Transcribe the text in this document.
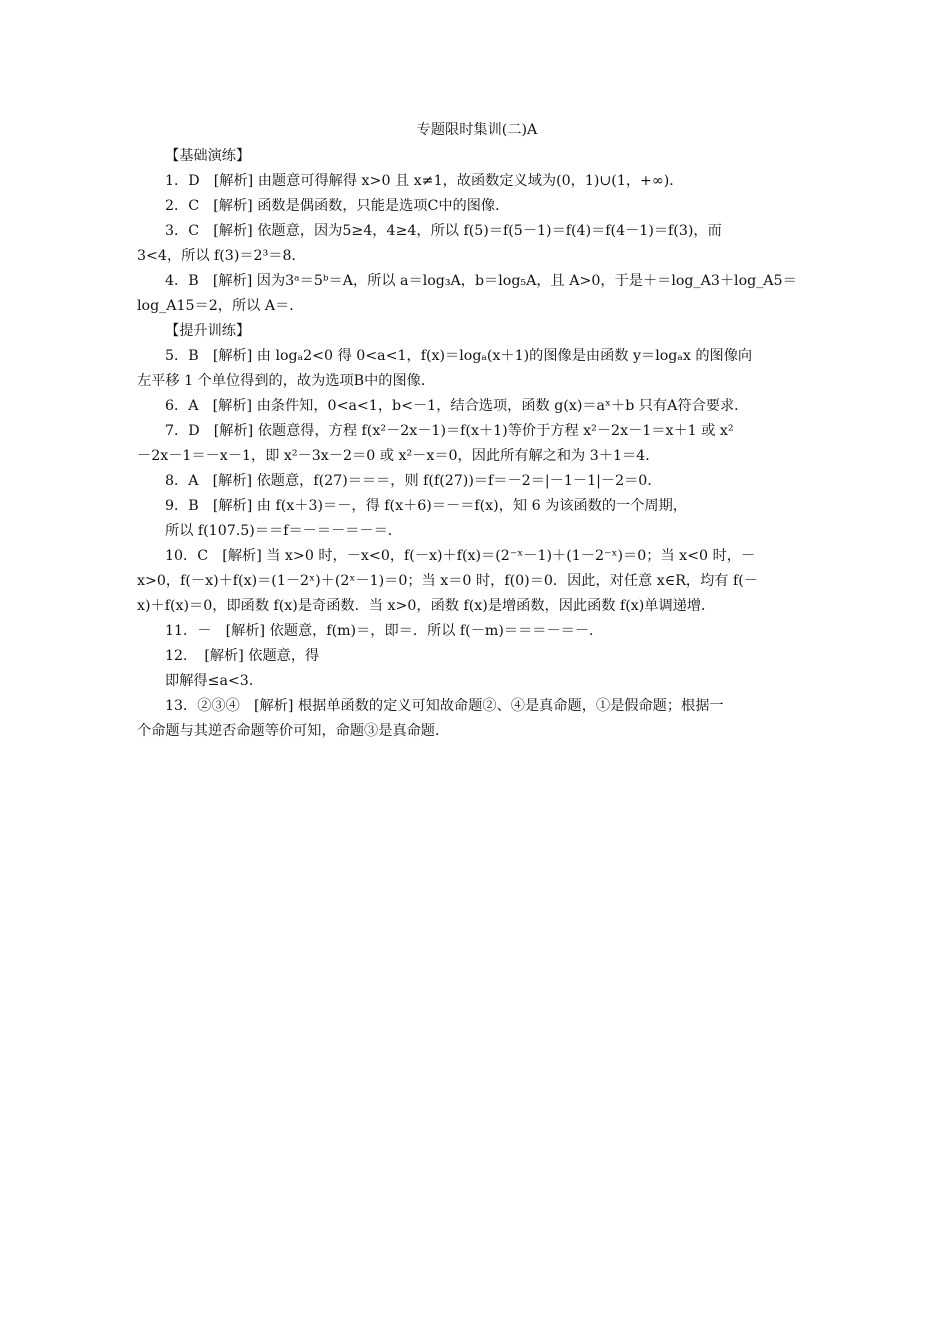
专题限时集训(二)A

【基础演练】

1．D　[解析] 由题意可得解得 x>0 且 x≠1，故函数定义域为(0，1)∪(1，+∞)．

2．C　[解析] 函数是偶函数，只能是选项C中的图像．

3．C　[解析] 依题意，因为5≥4，4≥4，所以 f(5)＝f(5－1)＝f(4)＝f(4－1)＝f(3)，而

3<4，所以 f(3)＝2³＝8．

4．B　[解析] 因为3ᵃ＝5ᵇ＝A，所以 a＝log₃A，b＝log₅A，且 A>0，于是＋＝log_A3＋log_A5＝

log_A15＝2，所以 A＝．

【提升训练】

5．B　[解析] 由 logₐ2<0 得 0<a<1，f(x)＝logₐ(x＋1)的图像是由函数 y＝logₐx 的图像向

左平移 1 个单位得到的，故为选项B中的图像．

6．A　[解析] 由条件知，0<a<1，b<－1，结合选项，函数 g(x)＝aˣ＋b 只有A符合要求．

7．D　[解析] 依题意得，方程 f(x²－2x－1)＝f(x＋1)等价于方程 x²－2x－1＝x＋1 或 x²

－2x－1＝－x－1，即 x²－3x－2＝0 或 x²－x＝0，因此所有解之和为 3＋1＝4．

8．A　[解析] 依题意，f(27)＝＝＝，则 f(f(27))＝f＝－2＝|－1－1|－2＝0．

9．B　[解析] 由 f(x＋3)＝－，得 f(x＋6)＝－＝f(x)，知 6 为该函数的一个周期，

所以 f(107.5)＝＝f＝－＝－＝－＝．

10．C　[解析] 当 x>0 时，－x<0，f(－x)＋f(x)＝(2⁻ˣ－1)＋(1－2⁻ˣ)＝0；当 x<0 时，－

x>0，f(－x)＋f(x)＝(1－2ˣ)＋(2ˣ－1)＝0；当 x＝0 时，f(0)＝0．因此，对任意 x∈R，均有 f(－

x)＋f(x)＝0，即函数 f(x)是奇函数．当 x>0，函数 f(x)是增函数，因此函数 f(x)单调递增．

11．－　[解析] 依题意，f(m)＝，即＝．所以 f(－m)＝＝＝－＝－．

12．　[解析] 依题意，得

即解得≤a<3．

13．②③④　[解析] 根据单函数的定义可知故命题②、④是真命题，①是假命题；根据一

个命题与其逆否命题等价可知，命题③是真命题．
